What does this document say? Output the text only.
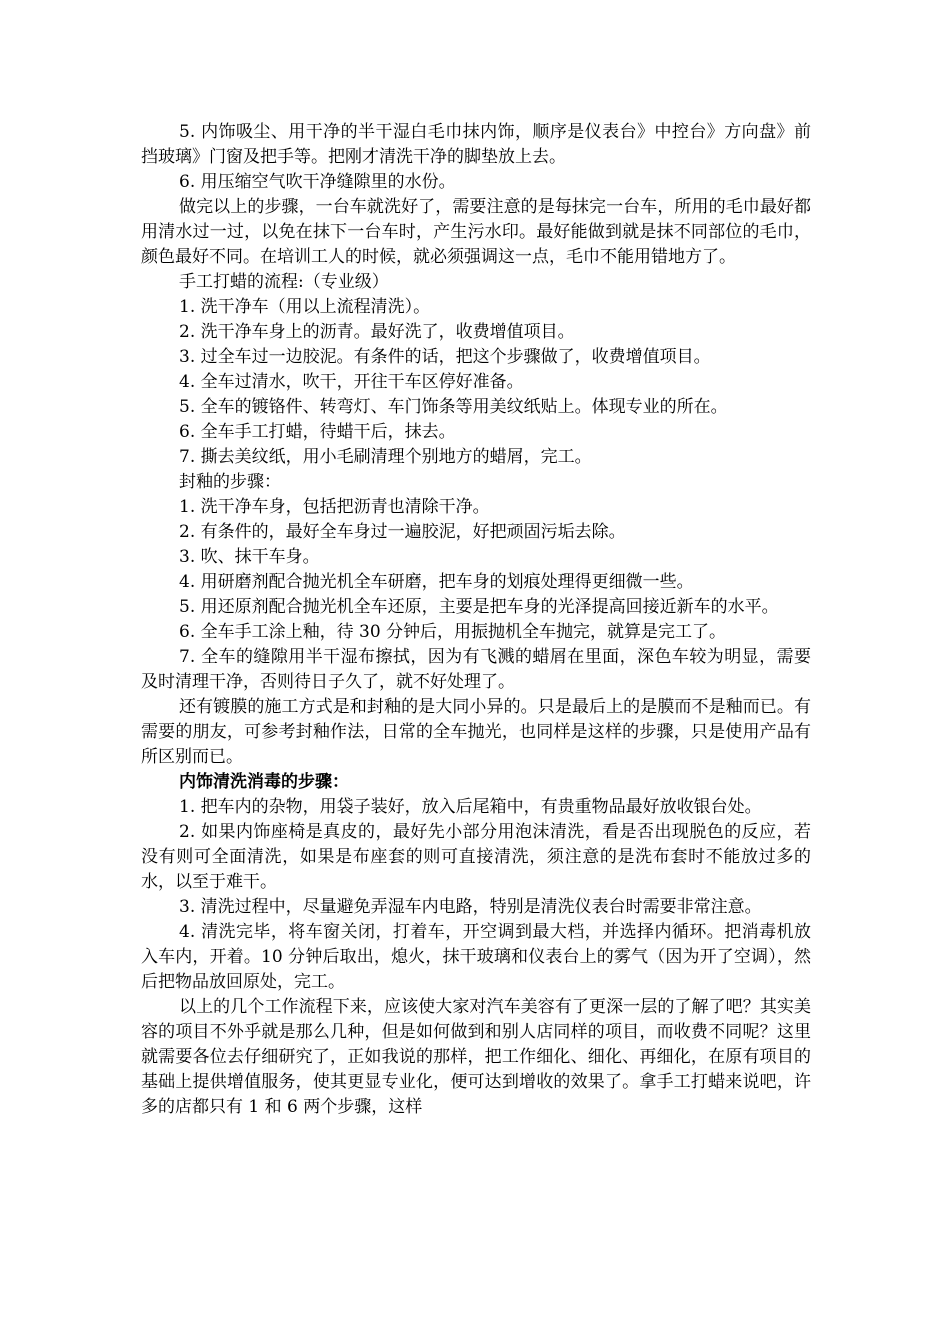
5. 内饰吸尘、用干净的半干湿白毛巾抹内饰，顺序是仪表台》中控台》方向盘》前挡玻璃》门窗及把手等。把刚才清洗干净的脚垫放上去。

6. 用压缩空气吹干净缝隙里的水份。

做完以上的步骤，一台车就洗好了，需要注意的是每抹完一台车，所用的毛巾最好都用清水过一过，以免在抹下一台车时，产生污水印。最好能做到就是抹不同部位的毛巾，颜色最好不同。在培训工人的时候，就必须强调这一点，毛巾不能用错地方了。

手工打蜡的流程:（专业级）

1. 洗干净车（用以上流程清洗）。

2. 洗干净车身上的沥青。最好洗了，收费增值项目。

3. 过全车过一边胶泥。有条件的话，把这个步骤做了，收费增值项目。

4. 全车过清水，吹干，开往干车区停好准备。

5. 全车的镀铬件、转弯灯、车门饰条等用美纹纸贴上。体现专业的所在。

6. 全车手工打蜡，待蜡干后，抹去。

7. 撕去美纹纸，用小毛刷清理个别地方的蜡屑，完工。

封釉的步骤：

1. 洗干净车身，包括把沥青也清除干净。

2. 有条件的，最好全车身过一遍胶泥，好把顽固污垢去除。

3. 吹、抹干车身。

4. 用研磨剂配合抛光机全车研磨，把车身的划痕处理得更细微一些。

5. 用还原剂配合抛光机全车还原，主要是把车身的光泽提高回接近新车的水平。

6. 全车手工涂上釉，待 30 分钟后，用振抛机全车抛完，就算是完工了。

7. 全车的缝隙用半干湿布擦拭，因为有飞溅的蜡屑在里面，深色车较为明显，需要及时清理干净，否则待日子久了，就不好处理了。

还有镀膜的施工方式是和封釉的是大同小异的。只是最后上的是膜而不是釉而已。有需要的朋友，可参考封釉作法，日常的全车抛光，也同样是这样的步骤，只是使用产品有所区别而已。

内饰清洗消毒的步骤：

1. 把车内的杂物，用袋子装好，放入后尾箱中，有贵重物品最好放收银台处。

2. 如果内饰座椅是真皮的，最好先小部分用泡沫清洗，看是否出现脱色的反应，若没有则可全面清洗，如果是布座套的则可直接清洗，须注意的是洗布套时不能放过多的水，以至于难干。

3. 清洗过程中，尽量避免弄湿车内电路，特别是清洗仪表台时需要非常注意。

4. 清洗完毕，将车窗关闭，打着车，开空调到最大档，并选择内循环。把消毒机放入车内，开着。10 分钟后取出，熄火，抹干玻璃和仪表台上的雾气（因为开了空调），然后把物品放回原处，完工。

以上的几个工作流程下来，应该使大家对汽车美容有了更深一层的了解了吧？其实美容的项目不外乎就是那么几种，但是如何做到和别人店同样的项目，而收费不同呢？这里就需要各位去仔细研究了，正如我说的那样，把工作细化、细化、再细化，在原有项目的基础上提供增值服务，使其更显专业化，便可达到增收的效果了。拿手工打蜡来说吧，许多的店都只有 1 和 6 两个步骤，这样
